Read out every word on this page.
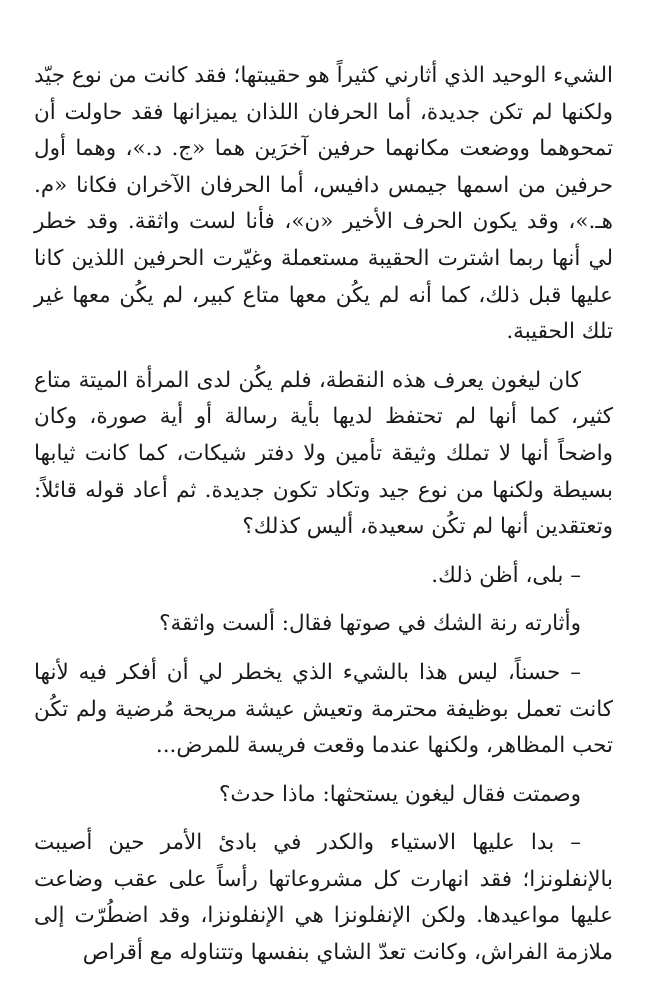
الشيء الوحيد الذي أثارني كثيراً هو حقيبتها؛ فقد كانت من نوع جيّد ولكنها لم تكن جديدة، أما الحرفان اللذان يميزانها فقد حاولت أن تمحوهما ووضعت مكانهما حرفين آخرَين هما «ج. د.»، وهما أول حرفين من اسمها جيمس دافيس، أما الحرفان الآخران فكانا «م. هـ.»، وقد يكون الحرف الأخير «ن»، فأنا لست واثقة. وقد خطر لي أنها ربما اشترت الحقيبة مستعملة وغيّرت الحرفين اللذين كانا عليها قبل ذلك، كما أنه لم يكُن معها متاع كبير، لم يكُن معها غير تلك الحقيبة.

كان ليغون يعرف هذه النقطة، فلم يكُن لدى المرأة الميتة متاع كثير، كما أنها لم تحتفظ لديها بأية رسالة أو أية صورة، وكان واضحاً أنها لا تملك وثيقة تأمين ولا دفتر شيكات، كما كانت ثيابها بسيطة ولكنها من نوع جيد وتكاد تكون جديدة. ثم أعاد قوله قائلاً: وتعتقدين أنها لم تكُن سعيدة، أليس كذلك؟

– بلى، أظن ذلك.

وأثارته رنة الشك في صوتها فقال: ألست واثقة؟

– حسناً، ليس هذا بالشيء الذي يخطر لي أن أفكر فيه لأنها كانت تعمل بوظيفة محترمة وتعيش عيشة مريحة مُرضية ولم تكُن تحب المظاهر، ولكنها عندما وقعت فريسة للمرض...

وصمتت فقال ليغون يستحثها: ماذا حدث؟

– بدا عليها الاستياء والكدر في بادئ الأمر حين أصيبت بالإنفلونزا؛ فقد انهارت كل مشروعاتها رأساً على عقب وضاعت عليها مواعيدها. ولكن الإنفلونزا هي الإنفلونزا، وقد اضطُرّت إلى ملازمة الفراش، وكانت تعدّ الشاي بنفسها وتتناوله مع أقراص
